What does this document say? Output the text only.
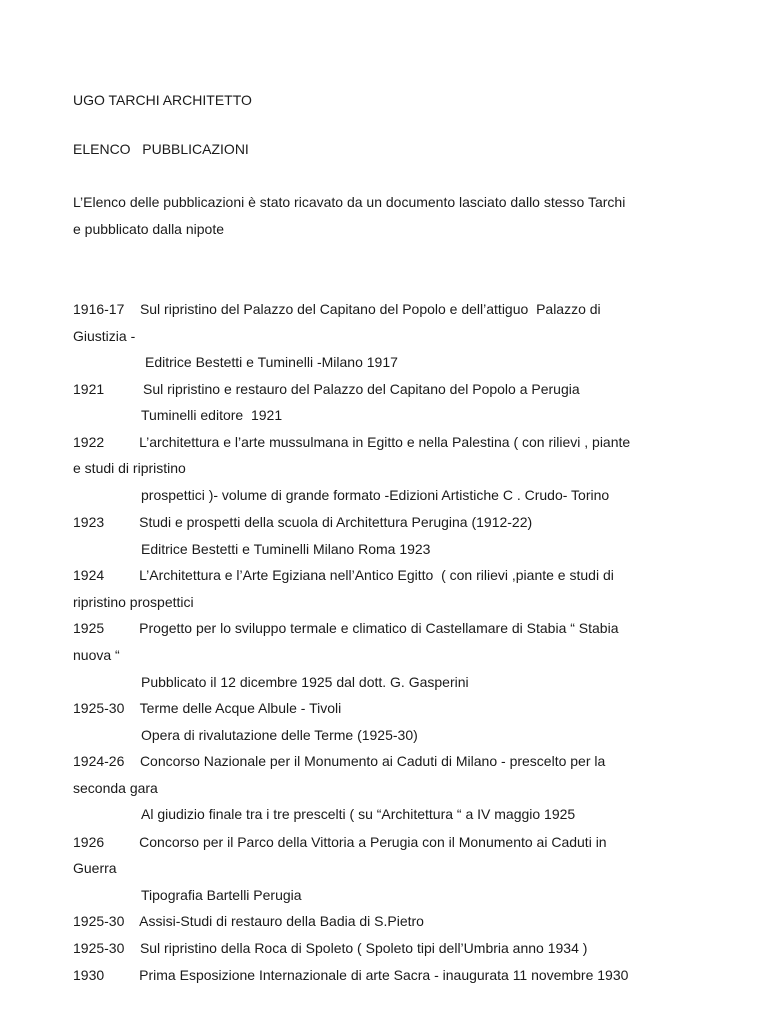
UGO TARCHI ARCHITETTO

ELENCO   PUBBLICAZIONI

L’Elenco delle pubblicazioni è stato ricavato da un documento lasciato dallo stesso Tarchi

e pubblicato dalla nipote

1916-17    Sul ripristino del Palazzo del Capitano del Popolo e dell’attiguo  Palazzo di

Giustizia -

Editrice Bestetti e Tuminelli -Milano 1917

1921          Sul ripristino e restauro del Palazzo del Capitano del Popolo a Perugia

Tuminelli editore  1921

1922         L’architettura e l’arte mussulmana in Egitto e nella Palestina ( con rilievi , piante

e studi di ripristino

prospettici )- volume di grande formato -Edizioni Artistiche C . Crudo- Torino

1923         Studi e prospetti della scuola di Architettura Perugina (1912-22)

Editrice Bestetti e Tuminelli Milano Roma 1923

1924         L’Architettura e l’Arte Egiziana nell’Antico Egitto  ( con rilievi ,piante e studi di

ripristino prospettici

1925         Progetto per lo sviluppo termale e climatico di Castellamare di Stabia “ Stabia

nuova “

Pubblicato il 12 dicembre 1925 dal dott. G. Gasperini

1925-30    Terme delle Acque Albule - Tivoli

Opera di rivalutazione delle Terme (1925-30)

1924-26    Concorso Nazionale per il Monumento ai Caduti di Milano - prescelto per la

seconda gara

Al giudizio finale tra i tre prescelti ( su “Architettura “ a IV maggio 1925

1926         Concorso per il Parco della Vittoria a Perugia con il Monumento ai Caduti in

Guerra

Tipografia Bartelli Perugia

1925-30    Assisi-Studi di restauro della Badia di S.Pietro

1925-30    Sul ripristino della Roca di Spoleto ( Spoleto tipi dell’Umbria anno 1934 )

1930         Prima Esposizione Internazionale di arte Sacra - inaugurata 11 novembre 1930
